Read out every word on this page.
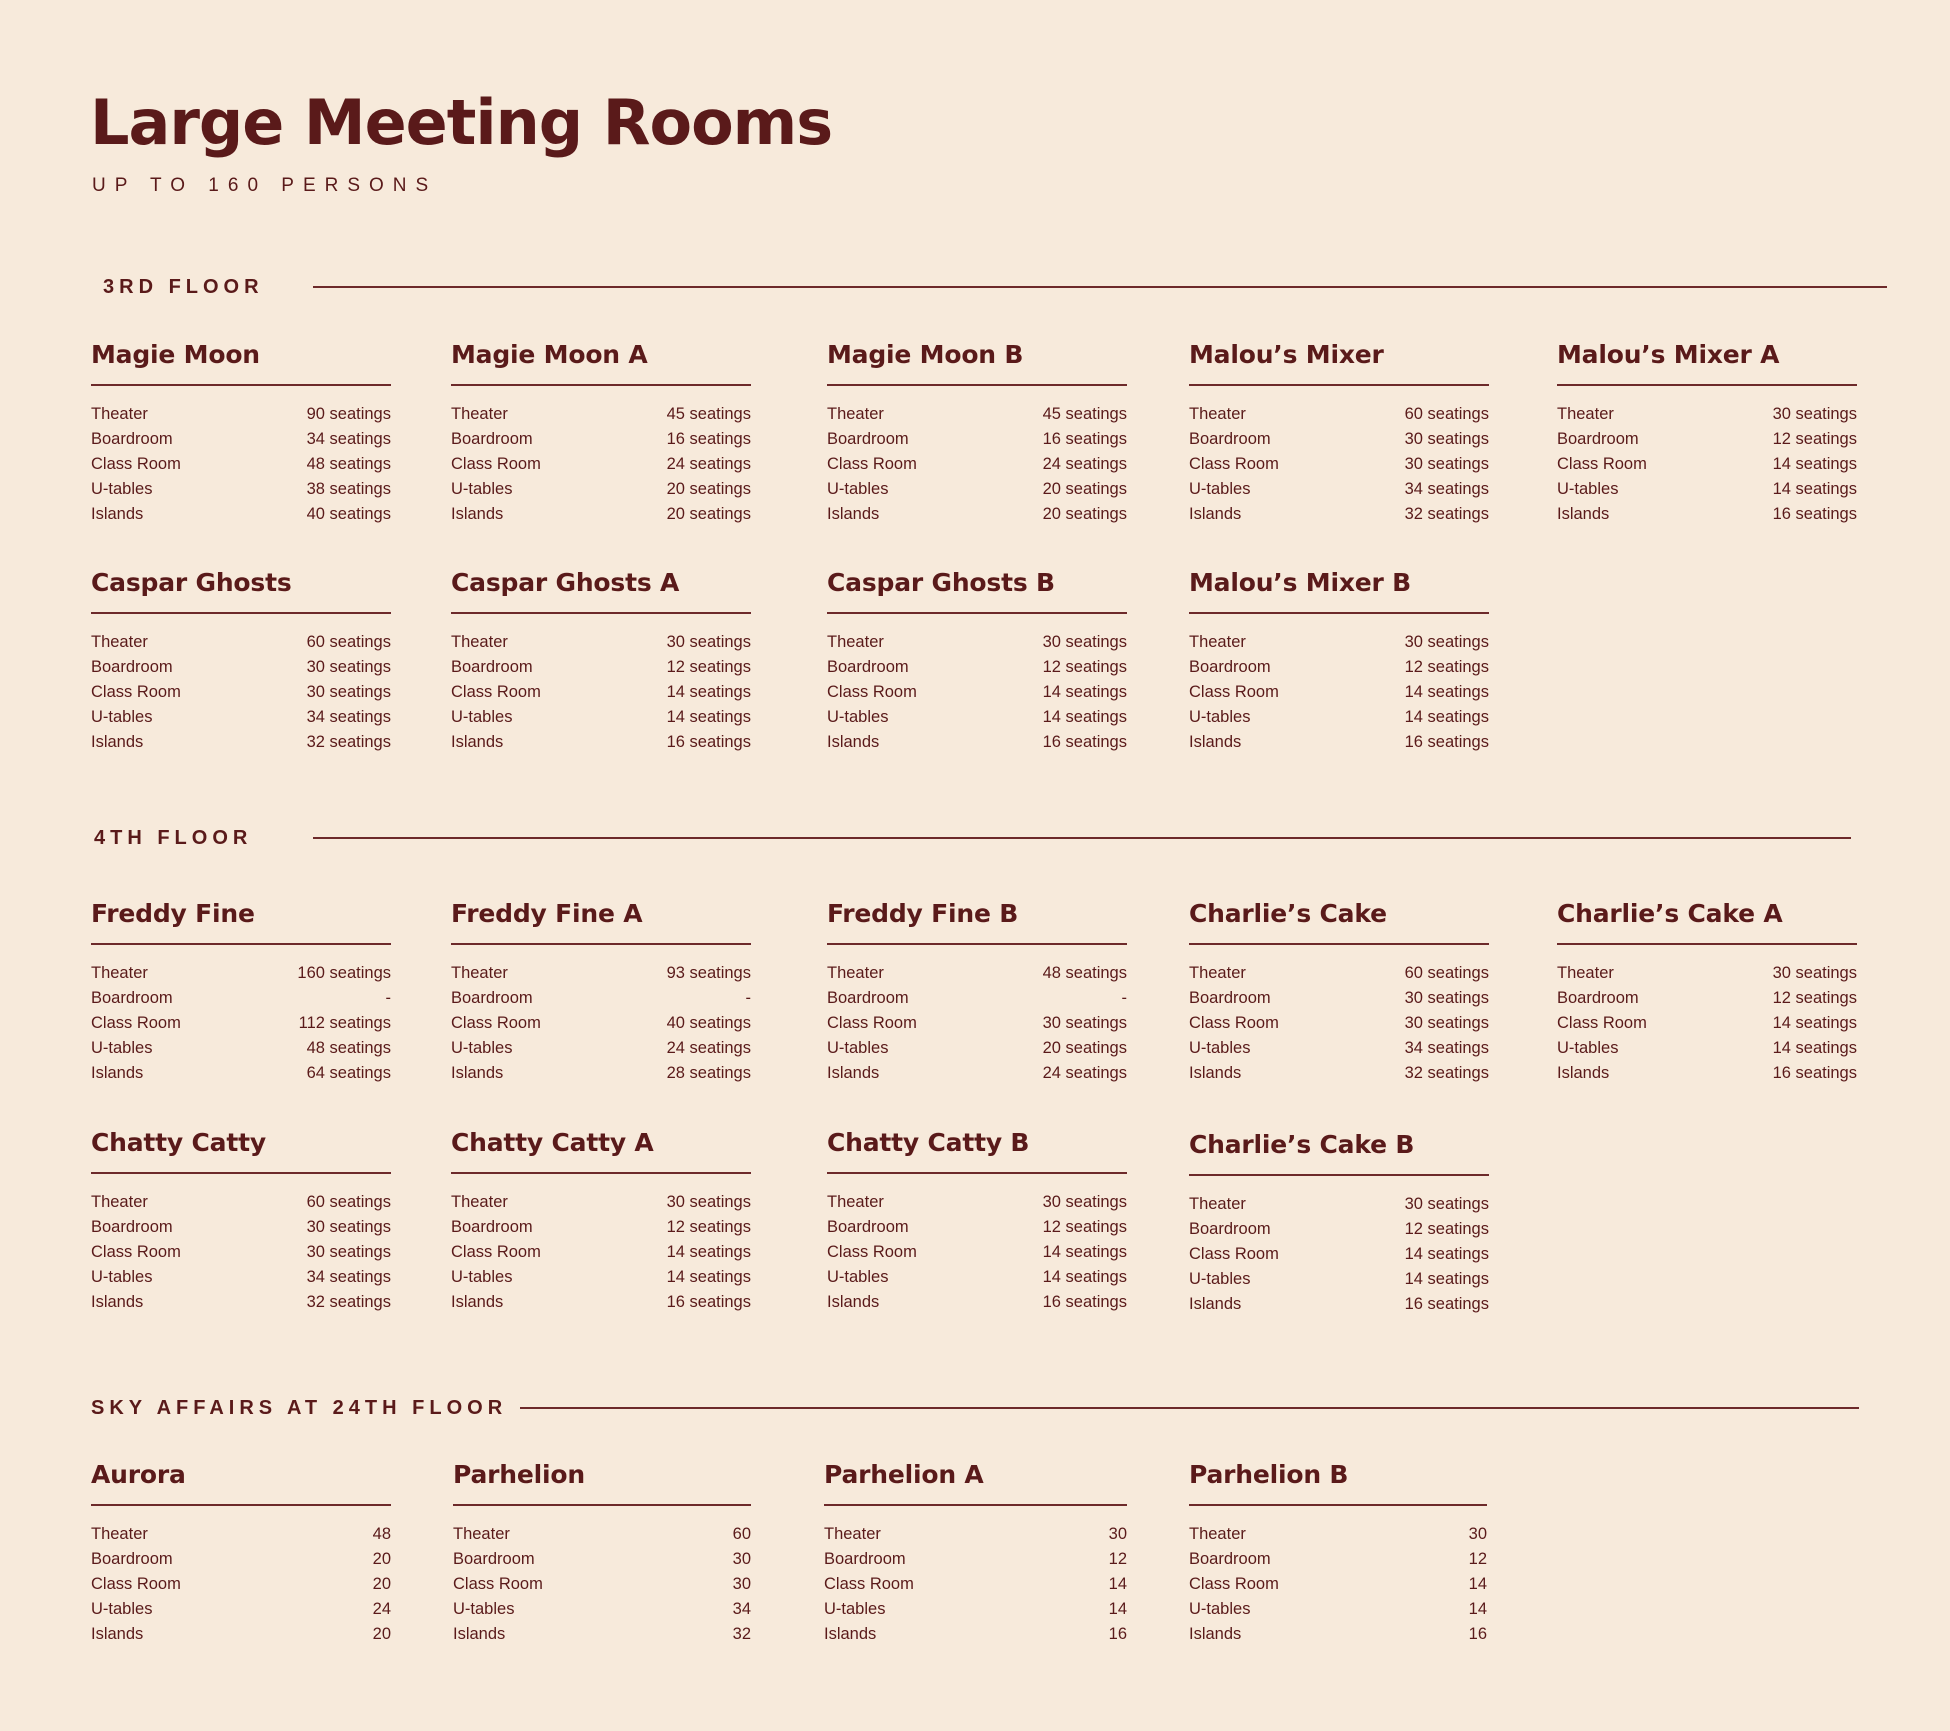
Large Meeting Rooms
UP TO 160 PERSONS
3RD FLOOR
4TH FLOOR
SKY AFFAIRS AT 24TH FLOOR
Magie Moon
Theater	90 seatings
Boardroom	34 seatings
Class Room	48 seatings
U-tables	38 seatings
Islands	40 seatings
Magie Moon A
Theater	45 seatings
Boardroom	16 seatings
Class Room	24 seatings
U-tables	20 seatings
Islands	20 seatings
Magie Moon B
Theater	45 seatings
Boardroom	16 seatings
Class Room	24 seatings
U-tables	20 seatings
Islands	20 seatings
Malou’s Mixer
Theater	60 seatings
Boardroom	30 seatings
Class Room	30 seatings
U-tables	34 seatings
Islands	32 seatings
Malou’s Mixer A
Theater	30 seatings
Boardroom	12 seatings
Class Room	14 seatings
U-tables	14 seatings
Islands	16 seatings
Caspar Ghosts
Theater	60 seatings
Boardroom	30 seatings
Class Room	30 seatings
U-tables	34 seatings
Islands	32 seatings
Caspar Ghosts A
Theater	30 seatings
Boardroom	12 seatings
Class Room	14 seatings
U-tables	14 seatings
Islands	16 seatings
Caspar Ghosts B
Theater	30 seatings
Boardroom	12 seatings
Class Room	14 seatings
U-tables	14 seatings
Islands	16 seatings
Malou’s Mixer B
Theater	30 seatings
Boardroom	12 seatings
Class Room	14 seatings
U-tables	14 seatings
Islands	16 seatings
Freddy Fine
Theater	160 seatings
Boardroom	-
Class Room	112 seatings
U-tables	48 seatings
Islands	64 seatings
Freddy Fine A
Theater	93 seatings
Boardroom	-
Class Room	40 seatings
U-tables	24 seatings
Islands	28 seatings
Freddy Fine B
Theater	48 seatings
Boardroom	-
Class Room	30 seatings
U-tables	20 seatings
Islands	24 seatings
Charlie’s Cake
Theater	60 seatings
Boardroom	30 seatings
Class Room	30 seatings
U-tables	34 seatings
Islands	32 seatings
Charlie’s Cake A
Theater	30 seatings
Boardroom	12 seatings
Class Room	14 seatings
U-tables	14 seatings
Islands	16 seatings
Chatty Catty
Theater	60 seatings
Boardroom	30 seatings
Class Room	30 seatings
U-tables	34 seatings
Islands	32 seatings
Chatty Catty A
Theater	30 seatings
Boardroom	12 seatings
Class Room	14 seatings
U-tables	14 seatings
Islands	16 seatings
Chatty Catty B
Theater	30 seatings
Boardroom	12 seatings
Class Room	14 seatings
U-tables	14 seatings
Islands	16 seatings
Charlie’s Cake B
Theater	30 seatings
Boardroom	12 seatings
Class Room	14 seatings
U-tables	14 seatings
Islands	16 seatings
Aurora
Theater	48
Boardroom	20
Class Room	20
U-tables	24
Islands	20
Parhelion
Theater	60
Boardroom	30
Class Room	30
U-tables	34
Islands	32
Parhelion A
Theater	30
Boardroom	12
Class Room	14
U-tables	14
Islands	16
Parhelion B
Theater	30
Boardroom	12
Class Room	14
U-tables	14
Islands	16
